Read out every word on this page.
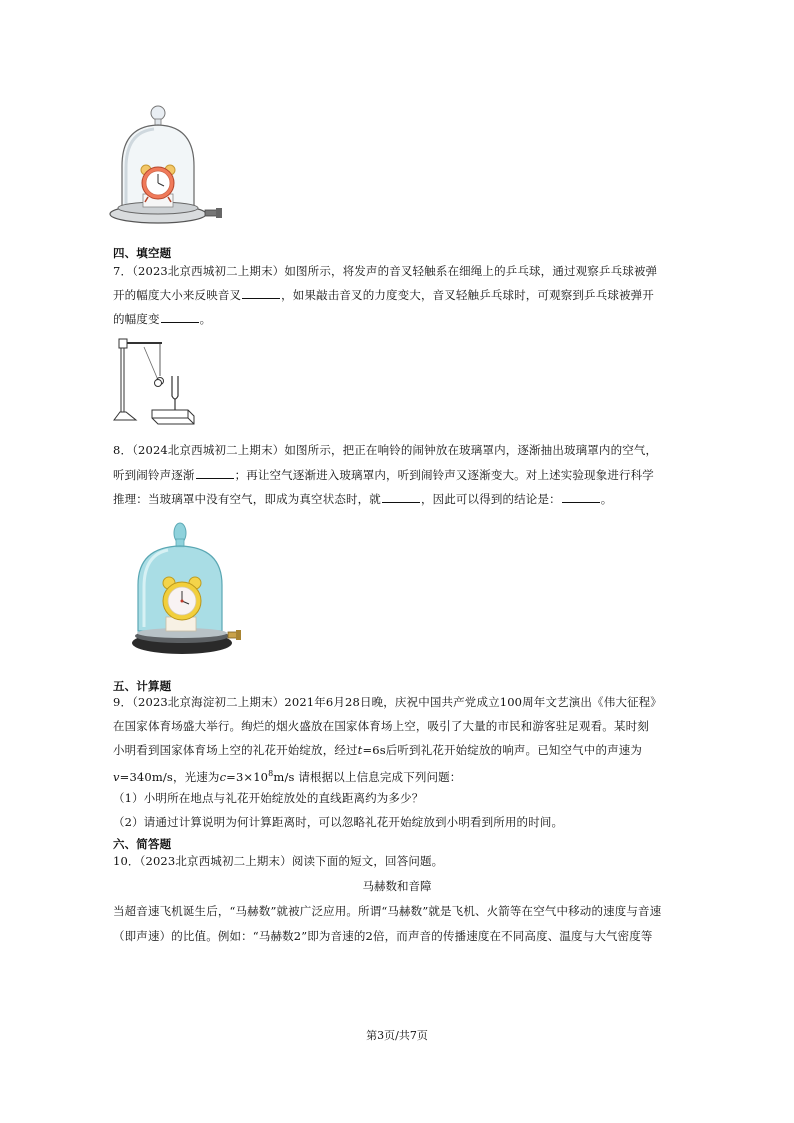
四、填空题
7．（2023北京西城初二上期末）如图所示，将发声的音叉轻触系在细绳上的乒乓球，通过观察乒乓球被弹
开的幅度大小来反映音叉	，如果敲击音叉的力度变大，音叉轻触乒乓球时，可观察到乒乓球被弹开
的幅度变	。
8．（2024北京西城初二上期末）如图所示，把正在响铃的闹钟放在玻璃罩内，逐渐抽出玻璃罩内的空气，
听到闹铃声逐渐	；再让空气逐渐进入玻璃罩内，听到闹铃声又逐渐变大。对上述实验现象进行科学
推理：当玻璃罩中没有空气，即成为真空状态时，就	，因此可以得到的结论是：	。
五、计算题
9．（2023北京海淀初二上期末）2021年6月28日晚，庆祝中国共产党成立100周年文艺演出《伟大征程》
在国家体育场盛大举行。绚烂的烟火盛放在国家体育场上空，吸引了大量的市民和游客驻足观看。某时刻
小明看到国家体育场上空的礼花开始绽放，经过t=6s后听到礼花开始绽放的响声。已知空气中的声速为
v=340m/s，光速为$c=3\times 10^8m/s$ 请根据以上信息完成下列问题：
（1）小明所在地点与礼花开始绽放处的直线距离约为多少？
（2）请通过计算说明为何计算距离时，可以忽略礼花开始绽放到小明看到所用的时间。
六、简答题
10．（2023北京西城初二上期末）阅读下面的短文，回答问题。
马赫数和音障
当超音速飞机诞生后，“马赫数”就被广泛应用。所谓“马赫数”就是飞机、火箭等在空气中移动的速度与音速
（即声速）的比值。例如：“马赫数2”即为音速的2倍，而声音的传播速度在不同高度、温度与大气密度等
第3页/共7页
